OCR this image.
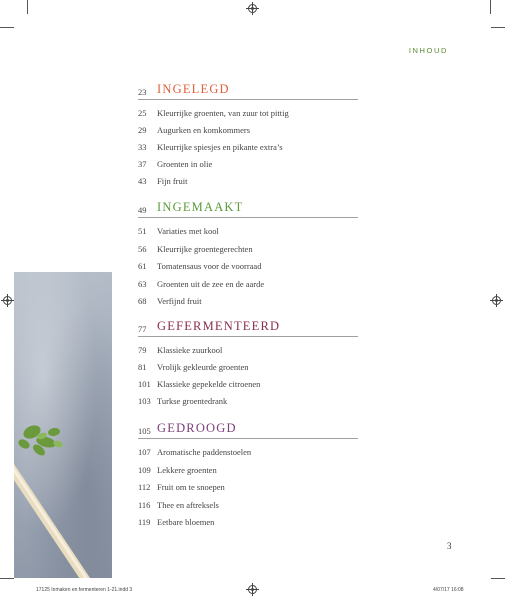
INHOUD
23 INGELEGD
25 Kleurrijke groenten, van zuur tot pittig
29 Augurken en komkommers
33 Kleurrijke spiesjes en pikante extra’s
37 Groenten in olie
43 Fijn fruit
49 INGEMAAKT
51 Variaties met kool
56 Kleurrijke groentegerechten
61 Tomatensaus voor de voorraad
63 Groenten uit de zee en de aarde
68 Verfijnd fruit
77 GEFERMENTEERD
79 Klassieke zuurkool
81 Vrolijk gekleurde groenten
101 Klassieke gepekelde citroenen
103 Turkse groentedrank
105 GEDROOGD
107 Aromatische paddenstoelen
109 Lekkere groenten
112 Fruit om te snoepen
116 Thee en aftreksels
119 Eetbare bloemen
3
17125 Inmaken en fermenteren 1-21.indd 3	4/07/17 16:08
